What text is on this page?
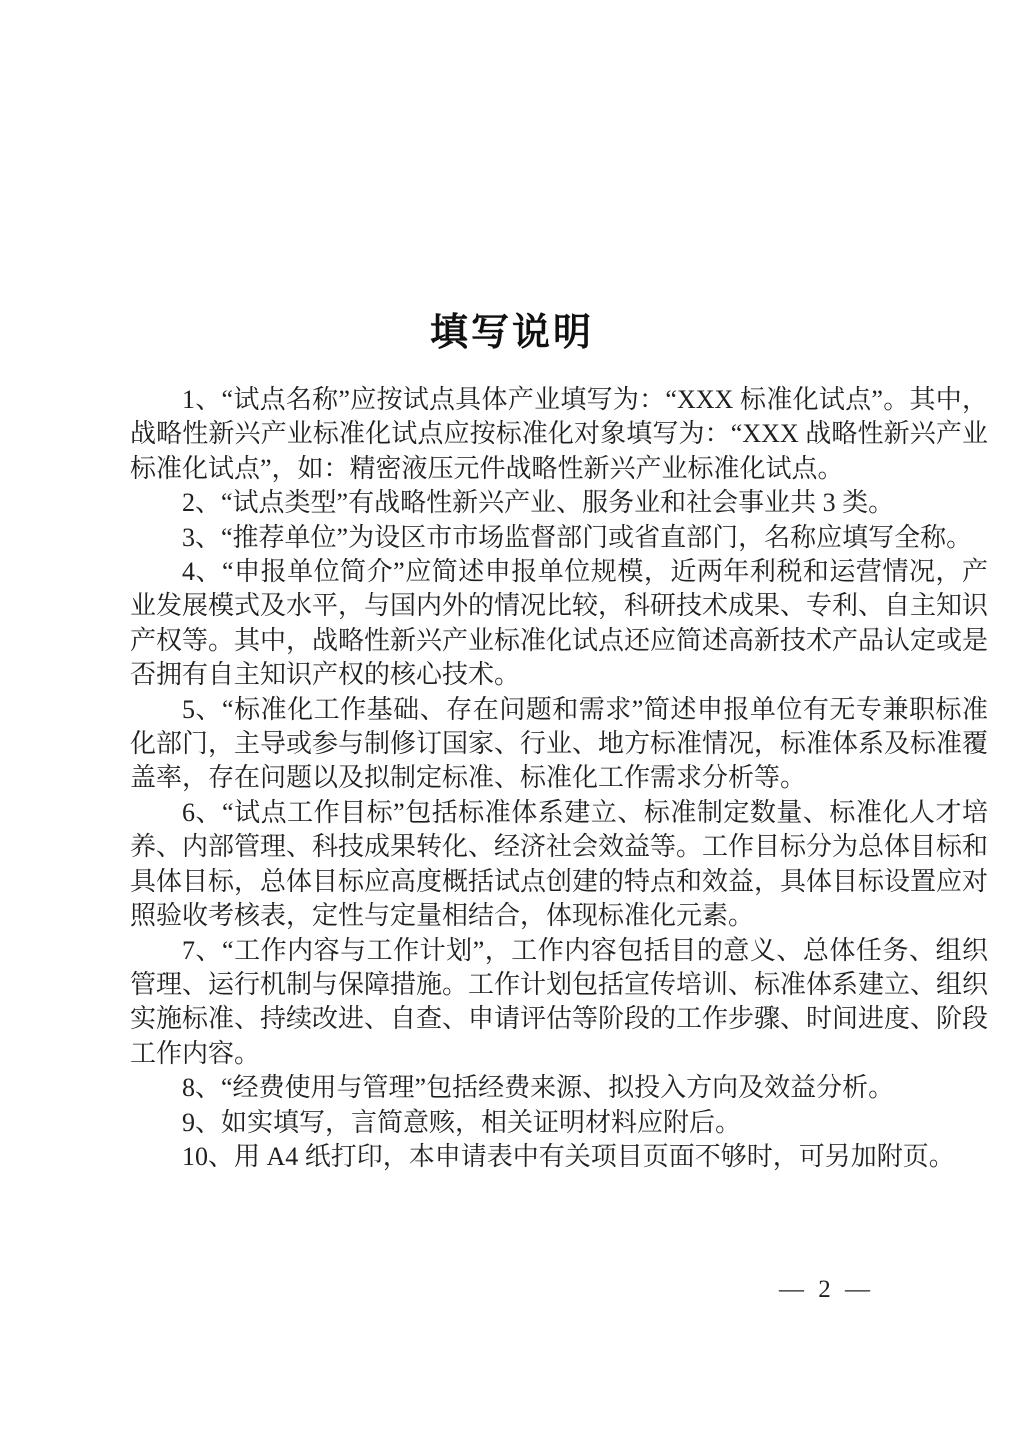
填写说明

1、“试点名称”应按试点具体产业填写为：“XXX 标准化试点”。其中，战略性新兴产业标准化试点应按标准化对象填写为：“XXX 战略性新兴产业标准化试点”，如：精密液压元件战略性新兴产业标准化试点。

2、“试点类型”有战略性新兴产业、服务业和社会事业共 3 类。

3、“推荐单位”为设区市市场监督部门或省直部门，名称应填写全称。

4、“申报单位简介”应简述申报单位规模，近两年利税和运营情况，产业发展模式及水平，与国内外的情况比较，科研技术成果、专利、自主知识产权等。其中，战略性新兴产业标准化试点还应简述高新技术产品认定或是否拥有自主知识产权的核心技术。

5、“标准化工作基础、存在问题和需求”简述申报单位有无专兼职标准化部门，主导或参与制修订国家、行业、地方标准情况，标准体系及标准覆盖率，存在问题以及拟制定标准、标准化工作需求分析等。

6、“试点工作目标”包括标准体系建立、标准制定数量、标准化人才培养、内部管理、科技成果转化、经济社会效益等。工作目标分为总体目标和具体目标，总体目标应高度概括试点创建的特点和效益，具体目标设置应对照验收考核表，定性与定量相结合，体现标准化元素。

7、“工作内容与工作计划”，工作内容包括目的意义、总体任务、组织管理、运行机制与保障措施。工作计划包括宣传培训、标准体系建立、组织实施标准、持续改进、自查、申请评估等阶段的工作步骤、时间进度、阶段工作内容。

8、“经费使用与管理”包括经费来源、拟投入方向及效益分析。

9、如实填写，言简意赅，相关证明材料应附后。

10、用 A4 纸打印，本申请表中有关项目页面不够时，可另加附页。

— 2 —
